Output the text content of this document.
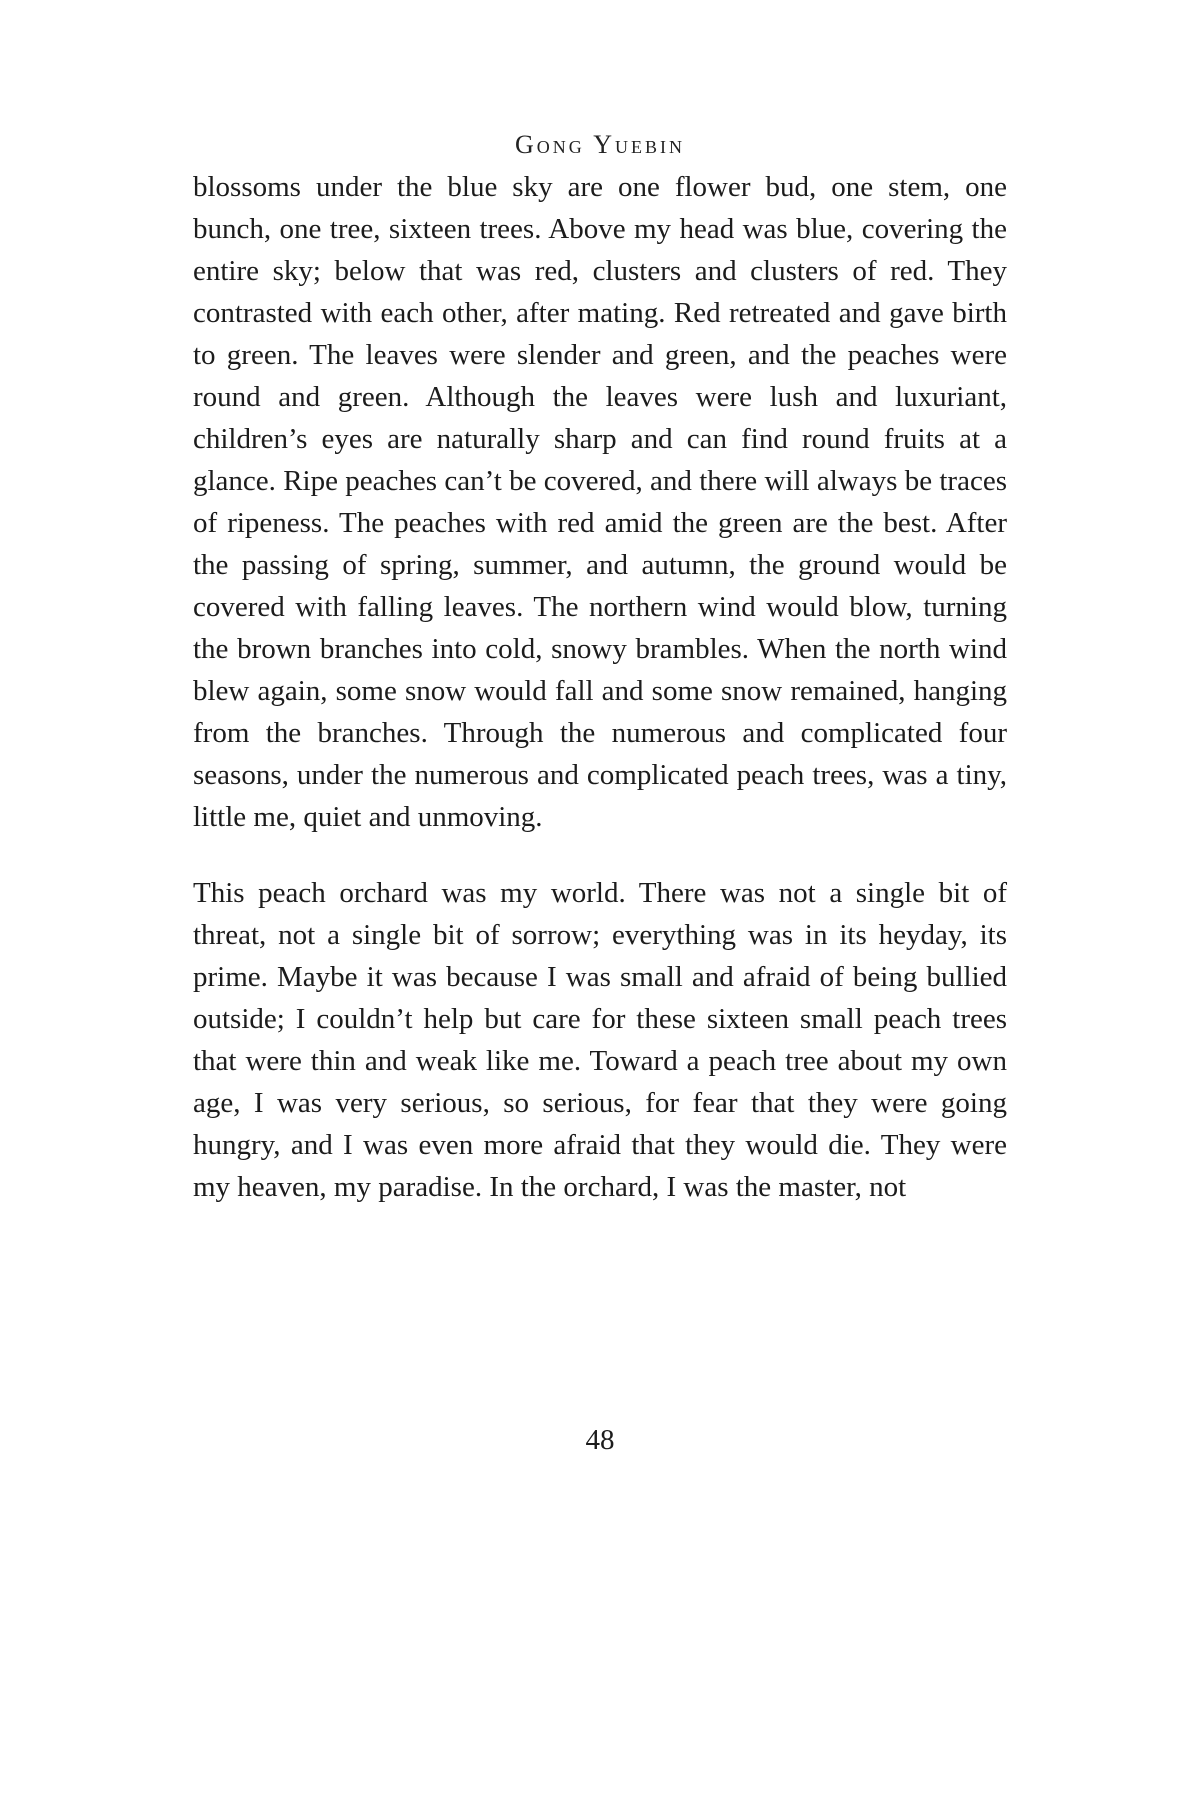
Gong Yuebin

blossoms under the blue sky are one flower bud, one stem, one bunch, one tree, sixteen trees. Above my head was blue, covering the entire sky; below that was red, clusters and clusters of red. They contrasted with each other, after mating. Red retreated and gave birth to green. The leaves were slender and green, and the peaches were round and green. Although the leaves were lush and luxuriant, children’s eyes are naturally sharp and can find round fruits at a glance. Ripe peaches can’t be covered, and there will always be traces of ripeness. The peaches with red amid the green are the best. After the passing of spring, summer, and autumn, the ground would be covered with falling leaves. The northern wind would blow, turning the brown branches into cold, snowy brambles. When the north wind blew again, some snow would fall and some snow remained, hanging from the branches. Through the numerous and complicated four seasons, under the numerous and complicated peach trees, was a tiny, little me, quiet and unmoving.

This peach orchard was my world. There was not a single bit of threat, not a single bit of sorrow; everything was in its heyday, its prime. Maybe it was because I was small and afraid of being bullied outside; I couldn’t help but care for these sixteen small peach trees that were thin and weak like me. Toward a peach tree about my own age, I was very serious, so serious, for fear that they were going hungry, and I was even more afraid that they would die. They were my heaven, my paradise. In the orchard, I was the master, not

48
